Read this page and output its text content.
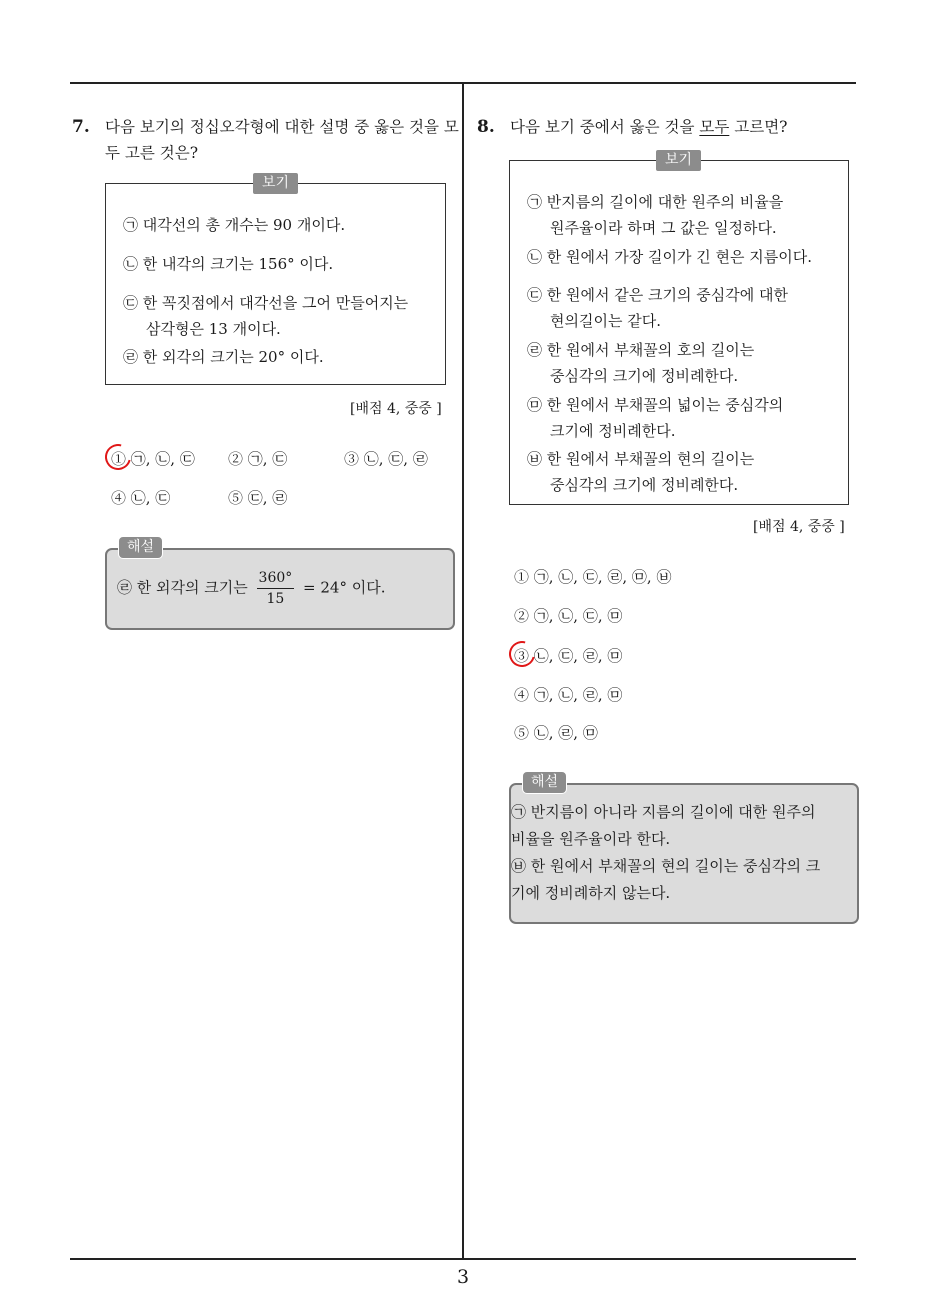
3
7. 다음 보기의 정십오각형에 대한 설명 중 옳은 것을 모
두 고른 것은?
보기
㉠ 대각선의 총 개수는 90 개이다.
㉡ 한 내각의 크기는 156° 이다.
㉢ 한 꼭짓점에서 대각선을 그어 만들어지는
삼각형은 13 개이다.
㉣ 한 외각의 크기는 20° 이다.
[배점 4, 중중 ]
① ㉠, ㉡, ㉢ ② ㉠, ㉢	③ ㉡, ㉢, ㉣
④ ㉡, ㉢	⑤ ㉢, ㉣
해설
㉣ 한 외각의 크기는 $\frac{360^\circ}{15} = 24^\circ$ 이다.
8. 다음 보기 중에서 옳은 것을 모두 고르면?
보기
㉠ 반지름의 길이에 대한 원주의 비율을
원주율이라 하며 그 값은 일정하다.
㉡ 한 원에서 가장 길이가 긴 현은 지름이다.
㉢ 한 원에서 같은 크기의 중심각에 대한
현의길이는 같다.
㉣ 한 원에서 부채꼴의 호의 길이는
중심각의 크기에 정비례한다.
㉤ 한 원에서 부채꼴의 넓이는 중심각의
크기에 정비례한다.
㉥ 한 원에서 부채꼴의 현의 길이는
중심각의 크기에 정비례한다.
[배점 4, 중중 ]
① ㉠, ㉡, ㉢, ㉣, ㉤, ㉥
② ㉠, ㉡, ㉢, ㉤
③ ㉡, ㉢, ㉣, ㉤
④ ㉠, ㉡, ㉣, ㉤
⑤ ㉡, ㉣, ㉤
해설
㉠ 반지름이 아니라 지름의 길이에 대한 원주의
비율을 원주율이라 한다.
㉥ 한 원에서 부채꼴의 현의 길이는 중심각의 크
기에 정비례하지 않는다.
